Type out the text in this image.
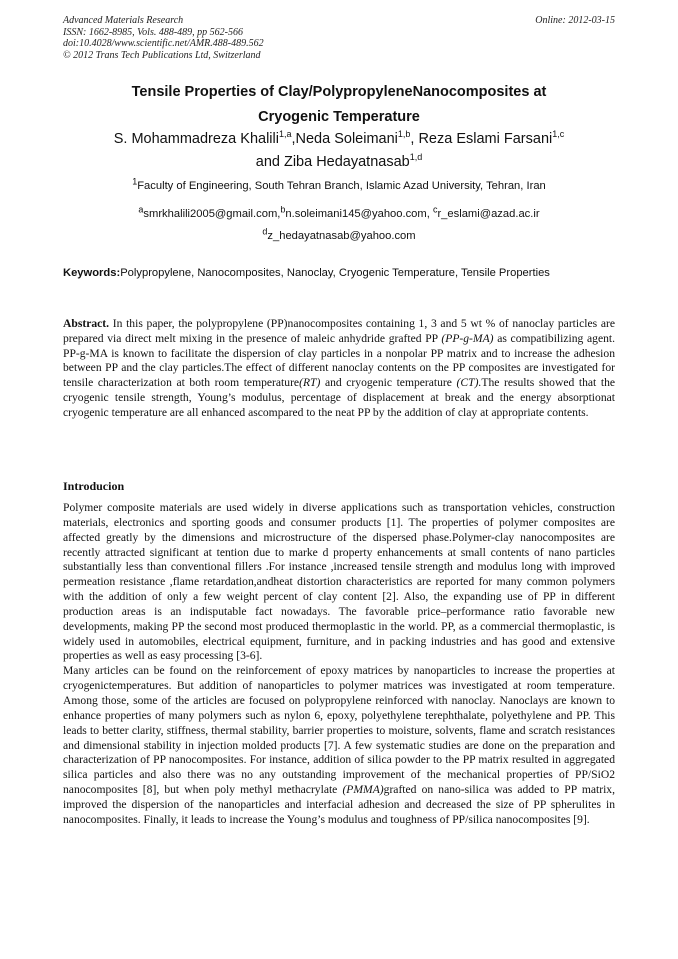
Advanced Materials Research
ISSN: 1662-8985, Vols. 488-489, pp 562-566
doi:10.4028/www.scientific.net/AMR.488-489.562
© 2012 Trans Tech Publications Ltd, Switzerland
Online: 2012-03-15
Tensile Properties of Clay/PolypropyleneNanocomposites at
Cryogenic Temperature
S. Mohammadreza Khalili$^{1,a}$,Neda Soleimani$^{1,b}$, Reza Eslami Farsani$^{1,c}$
and Ziba Hedayatnasab$^{1,d}$
$^1$Faculty of Engineering, South Tehran Branch, Islamic Azad University, Tehran, Iran
$^a$smrkhalili2005@gmail.com,$^b$n.soleimani145@yahoo.com, $^c$r_eslami@azad.ac.ir
$^d$z_hedayatnasab@yahoo.com
Keywords:Polypropylene, Nanocomposites, Nanoclay, Cryogenic Temperature, Tensile Properties
Abstract. In this paper, the polypropylene (PP)nanocomposites containing 1, 3 and 5 wt % of nanoclay particles are prepared via direct melt mixing in the presence of maleic anhydride grafted PP (PP-g-MA) as compatibilizing agent. PP-g-MA is known to facilitate the dispersion of clay particles in a nonpolar PP matrix and to increase the adhesion between PP and the clay particles.The effect of different nanoclay contents on the PP composites are investigated for tensile characterization at both room temperature(RT) and cryogenic temperature (CT).The results showed that the cryogenic tensile strength, Young’s modulus, percentage of displacement at break and the energy absorptionat cryogenic temperature are all enhanced ascompared to the neat PP by the addition of clay at appropriate contents.
Introducion

Polymer composite materials are used widely in diverse applications such as transportation vehicles, construction materials, electronics and sporting goods and consumer products [1]. The properties of polymer composites are affected greatly by the dimensions and microstructure of the dispersed phase.Polymer-clay nanocomposites are recently attracted significant at tention due to marke d property enhancements at small contents of nano particles substantially less than conventional fillers .For instance ,increased tensile strength and modulus long with improved permeation resistance ,flame retardation,andheat distortion characteristics are reported for many common polymers with the addition of only a few weight percent of clay content [2]. Also, the expanding use of PP in different production areas is an indisputable fact nowadays. The favorable price–performance ratio favorable new developments, making PP the second most produced thermoplastic in the world. PP, as a commercial thermoplastic, is widely used in automobiles, electrical equipment, furniture, and in packing industries and has good and extensive properties as well as easy processing [3-6].

Many articles can be found on the reinforcement of epoxy matrices by nanoparticles to increase the properties at cryogenictemperatures. But addition of nanoparticles to polymer matrices was investigated at room temperature. Among those, some of the articles are focused on polypropylene reinforced with nanoclay. Nanoclays are known to enhance properties of many polymers such as nylon 6, epoxy, polyethylene terephthalate, polyethylene and PP. This leads to better clarity, stiffness, thermal stability, barrier properties to moisture, solvents, flame and scratch resistances and dimensional stability in injection molded products [7]. A few systematic studies are done on the preparation and characterization of PP nanocomposites. For instance, addition of silica powder to the PP matrix resulted in aggregated silica particles and also there was no any outstanding improvement of the mechanical properties of PP/SiO2 nanocomposites [8], but when poly methyl methacrylate (PMMA)grafted on nano-silica was added to PP matrix, improved the dispersion of the nanoparticles and interfacial adhesion and decreased the size of PP spherulites in nanocomposites. Finally, it leads to increase the Young’s modulus and toughness of PP/silica nanocomposites [9].
